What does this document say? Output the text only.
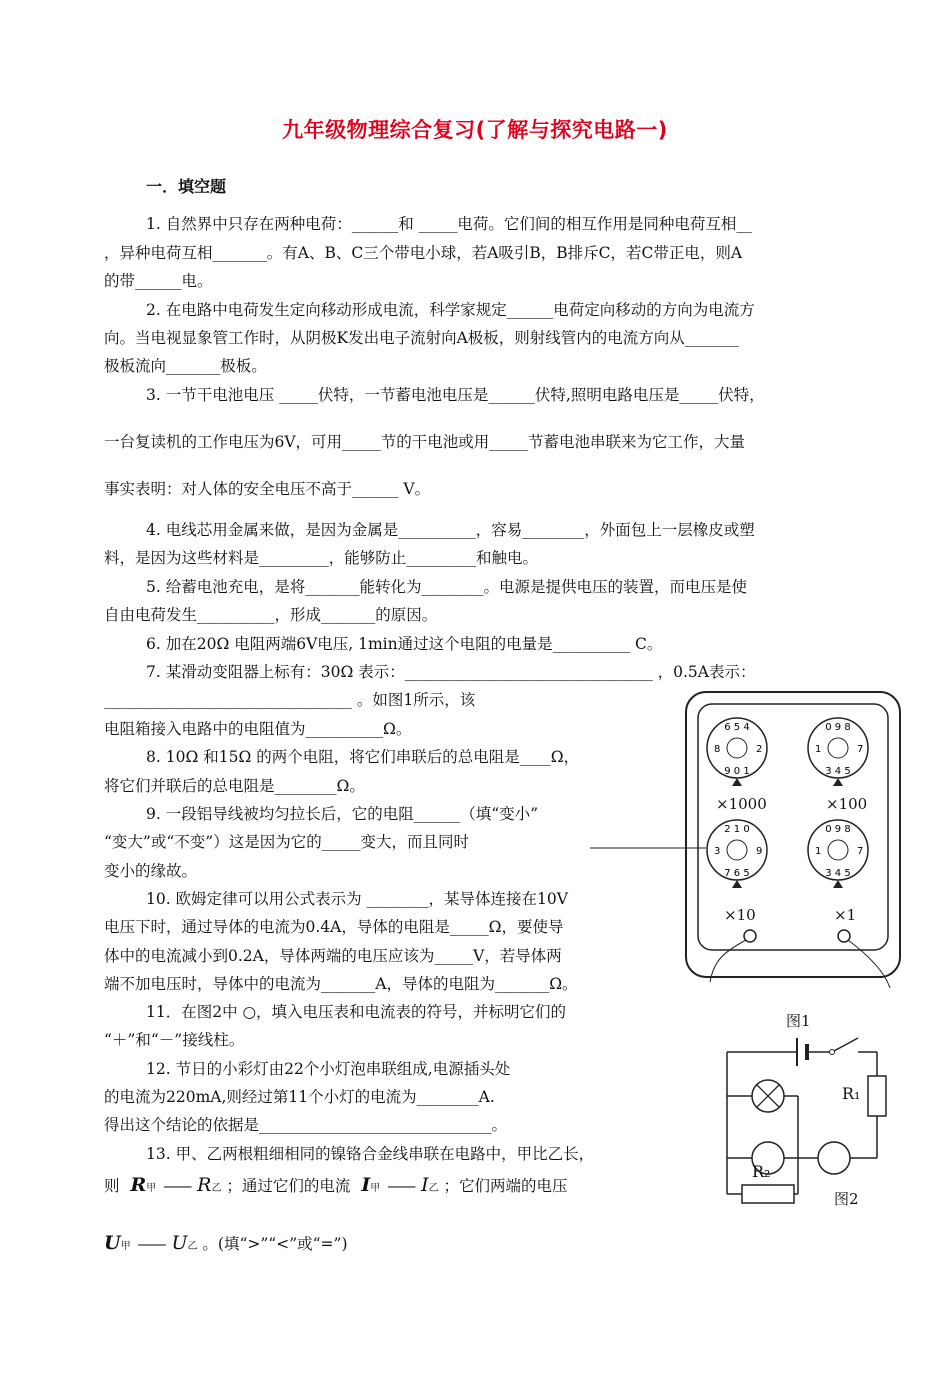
九年级物理综合复习(了解与探究电路一)
一．填空题
1. 自然界中只存在两种电荷：______和 _____电荷。它们间的相互作用是同种电荷互相__
，异种电荷互相_______。有A、B、C三个带电小球，若A吸引B，B排斥C，若C带正电，则A
的带______电。
2. 在电路中电荷发生定向移动形成电流，科学家规定______电荷定向移动的方向为电流方
向。当电视显象管工作时，从阴极K发出电子流射向A极板，则射线管内的电流方向从_______
极板流向_______极板。
3. 一节干电池电压 _____伏特，一节蓄电池电压是______伏特,照明电路电压是_____伏特，
一台复读机的工作电压为6V，可用_____节的干电池或用_____节蓄电池串联来为它工作，大量
事实表明：对人体的安全电压不高于______ V。
4. 电线芯用金属来做，是因为金属是__________，容易________，外面包上一层橡皮或塑
料，是因为这些材料是_________，能够防止_________和触电。
5. 给蓄电池充电，是将_______能转化为________。电源是提供电压的装置，而电压是使
自由电荷发生__________，形成_______的原因。
6. 加在20Ω 电阻两端6V电压, 1min通过这个电阻的电量是__________ C。
7. 某滑动变阻器上标有：30Ω 表示：________________________________ ，0.5A表示：
________________________________ 。如图1所示，该
电阻箱接入电路中的电阻值为__________Ω。
8. 10Ω 和15Ω 的两个电阻，将它们串联后的总电阻是____Ω，
将它们并联后的总电阻是________Ω。
9. 一段铝导线被均匀拉长后，它的电阻______（填“变小”
“变大”或“不变”）这是因为它的_____变大，而且同时
变小的缘故。
10. 欧姆定律可以用公式表示为 ________，某导体连接在10V
电压下时，通过导体的电流为0.4A，导体的电阻是_____Ω，要使导
体中的电流减小到0.2A，导体两端的电压应该为_____V，若导体两
端不加电压时，导体中的电流为_______A，导体的电阻为_______Ω。
11．在图2中 ○，填入电压表和电流表的符号，并标明它们的
“＋”和“－”接线柱。
12. 节日的小彩灯由22个小灯泡串联组成,电源插头处
的电流为220mA,则经过第11个小灯的电流为________A.
得出这个结论的依据是______________________________。
13. 甲、乙两根粗细相同的镍铬合金线串联在电路中，甲比乙长，
则 R甲 —— R乙 ；通过它们的电流 I甲 —— I乙 ；它们两端的电压
U甲 —— U乙 。(填“>”“<”或“=”)
6 5 4
9 0 1
8	2
0 9 8
3 4 5
1	7
2 1 0
7 6 5
3	9
0 9 8
3 4 5
1	7
×1000	×100
×10	×1
图1
R₁
R₂
图2
